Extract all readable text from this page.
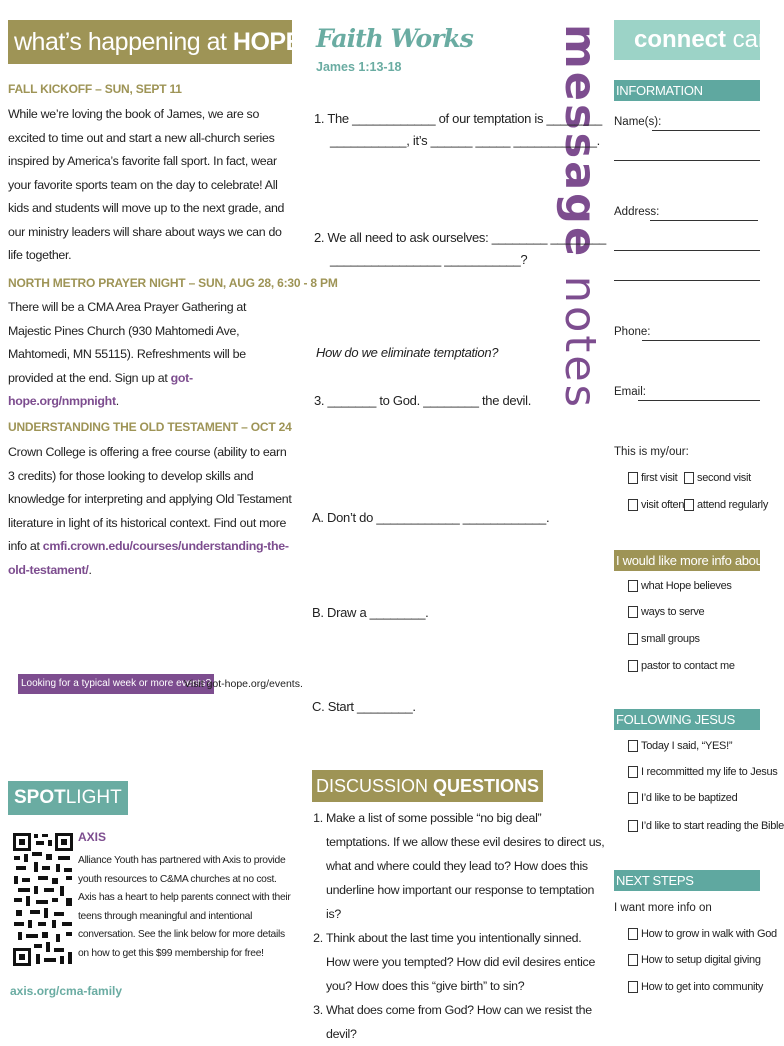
what’s happening at HOPE?
FALL KICKOFF – SUN, SEPT 11
While we’re loving the book of James, we are so excited to time out and start a new all-church series inspired by America’s favorite fall sport. In fact, wear your favorite sports team on the day to celebrate! All kids and students will move up to the next grade, and our ministry leaders will share about ways we can do life together.
NORTH METRO PRAYER NIGHT – SUN, AUG 28, 6:30 - 8 PM
There will be a CMA Area Prayer Gathering at Majestic Pines Church (930 Mahtomedi Ave, Mahtomedi, MN 55115). Refreshments will be provided at the end. Sign up at got-hope.org/nmpnight.
UNDERSTANDING THE OLD TESTAMENT – OCT 24
Crown College is offering a free course (ability to earn 3 credits) for those looking to develop skills and knowledge for interpreting and applying Old Testament literature in light of its historical context. Find out more info at cmfi.crown.edu/courses/understanding-the-old-testament/.
Looking for a typical week or more events?
Visit got-hope.org/events.
SPOTLIGHT
AXIS
Alliance Youth has partnered with Axis to provide youth resources to C&MA churches at no cost. Axis has a heart to help parents connect with their teens through meaningful and intentional conversation. See the link below for more details on how to get this $99 membership for free!
axis.org/cma-family
Faith Works
James 1:13-18	message notes
1. The ____________ of our temptation is ________
___________, it’s ______ _____ ____________.
2. We all need to ask ourselves: ________ ________
________________ ___________?
How do we eliminate temptation?
3. _______ to God. ________ the devil.
A. Don’t do ____________ ____________.
B. Draw a ________.
C. Start ________.
DISCUSSION QUESTIONS
1. Make a list of some possible “no big deal” temptations. If we allow these evil desires to direct us, what and where could they lead to? How does this underline how important our response to temptation is?
2. Think about the last time you intentionally sinned. How were you tempted? How did evil desires entice you? How does this “give birth” to sin?
3. What does come from God? How can we resist the devil?
connect card
INFORMATION
Name(s):
Address:
Phone:
Email:
This is my/our:
first visit second visit
visit often attend regularly
I would like more info about
what Hope believes
ways to serve
small groups
pastor to contact me
FOLLOWING JESUS
Today I said, “YES!”
I recommitted my life to Jesus
I’d like to be baptized
I’d like to start reading the Bible
NEXT STEPS
I want more info on
How to grow in walk with God
How to setup digital giving
How to get into community
